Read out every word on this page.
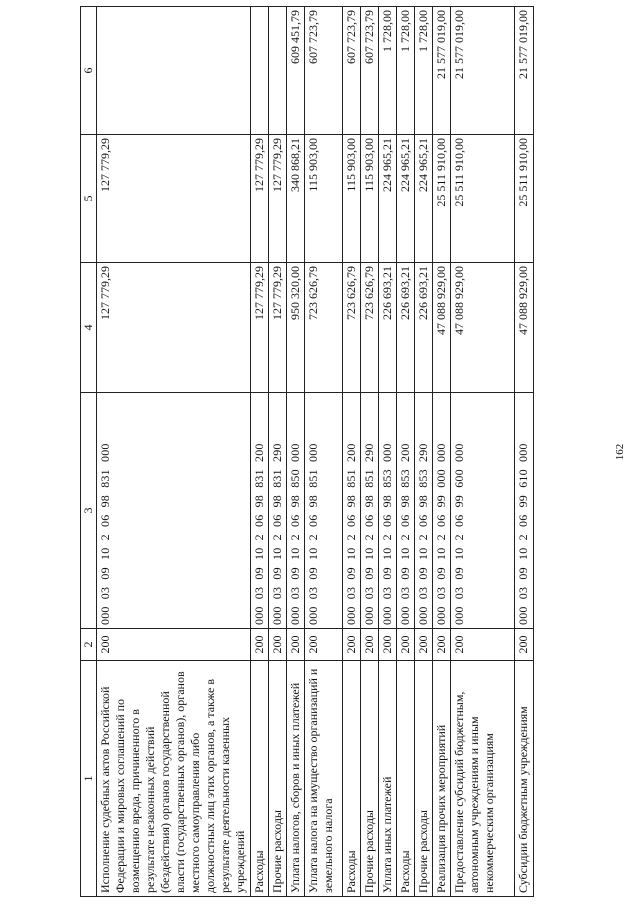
162
1	2	3	4	5	6
Исполнение судебных актов Российской Федерации и мировых соглашений по возмещению вреда, причиненного в результате незаконных действий (бездействия) органов государственной власти (государственных органов), органов местного самоуправления либо должностных лиц этих органов, а также в результате деятельности казенных учреждений	200	000 03 09 10 2 06 98 831 000	127 779,29	127 779,29	
Расходы	200	000 03 09 10 2 06 98 831 200	127 779,29	127 779,29	
Прочие расходы	200	000 03 09 10 2 06 98 831 290	127 779,29	127 779,29	
Уплата налогов, сборов и иных платежей	200	000 03 09 10 2 06 98 850 000	950 320,00	340 868,21	609 451,79
Уплата налога на имущество организаций и земельного налога	200	000 03 09 10 2 06 98 851 000	723 626,79	115 903,00	607 723,79
Расходы	200	000 03 09 10 2 06 98 851 200	723 626,79	115 903,00	607 723,79
Прочие расходы	200	000 03 09 10 2 06 98 851 290	723 626,79	115 903,00	607 723,79
Уплата иных платежей	200	000 03 09 10 2 06 98 853 000	226 693,21	224 965,21	1 728,00
Расходы	200	000 03 09 10 2 06 98 853 200	226 693,21	224 965,21	1 728,00
Прочие расходы	200	000 03 09 10 2 06 98 853 290	226 693,21	224 965,21	1 728,00
Реализация прочих мероприятий	200	000 03 09 10 2 06 99 000 000	47 088 929,00	25 511 910,00	21 577 019,00
Предоставление субсидий бюджетным, автономным учреждениям и иным некоммерческим организациям	200	000 03 09 10 2 06 99 600 000	47 088 929,00	25 511 910,00	21 577 019,00
Субсидии бюджетным учреждениям	200	000 03 09 10 2 06 99 610 000	47 088 929,00	25 511 910,00	21 577 019,00
